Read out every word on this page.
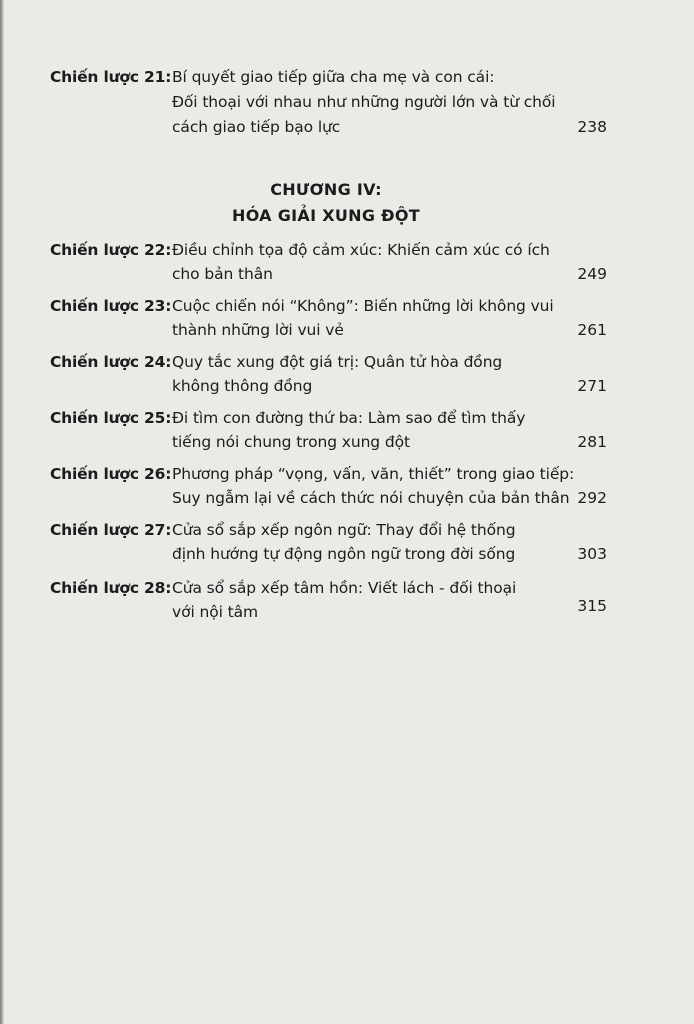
Chiến lược 21: Bí quyết giao tiếp giữa cha mẹ và con cái:
Đối thoại với nhau như những người lớn và từ chối
cách giao tiếp bạo lực	238
CHƯƠNG IV:
HÓA GIẢI XUNG ĐỘT
Chiến lược 22: Điều chỉnh tọa độ cảm xúc: Khiến cảm xúc có ích
cho bản thân	249
Chiến lược 23: Cuộc chiến nói “Không”: Biến những lời không vui
thành những lời vui vẻ	261
Chiến lược 24: Quy tắc xung đột giá trị: Quân tử hòa đồng
không thông đồng	271
Chiến lược 25: Đi tìm con đường thứ ba: Làm sao để tìm thấy
tiếng nói chung trong xung đột	281
Chiến lược 26: Phương pháp “vọng, vấn, văn, thiết” trong giao tiếp:
Suy ngẫm lại về cách thức nói chuyện của bản thân 292
Chiến lược 27: Cửa sổ sắp xếp ngôn ngữ: Thay đổi hệ thống
định hướng tự động ngôn ngữ trong đời sống	303
Chiến lược 28: Cửa sổ sắp xếp tâm hồn: Viết lách - đối thoại
với nội tâm	315
